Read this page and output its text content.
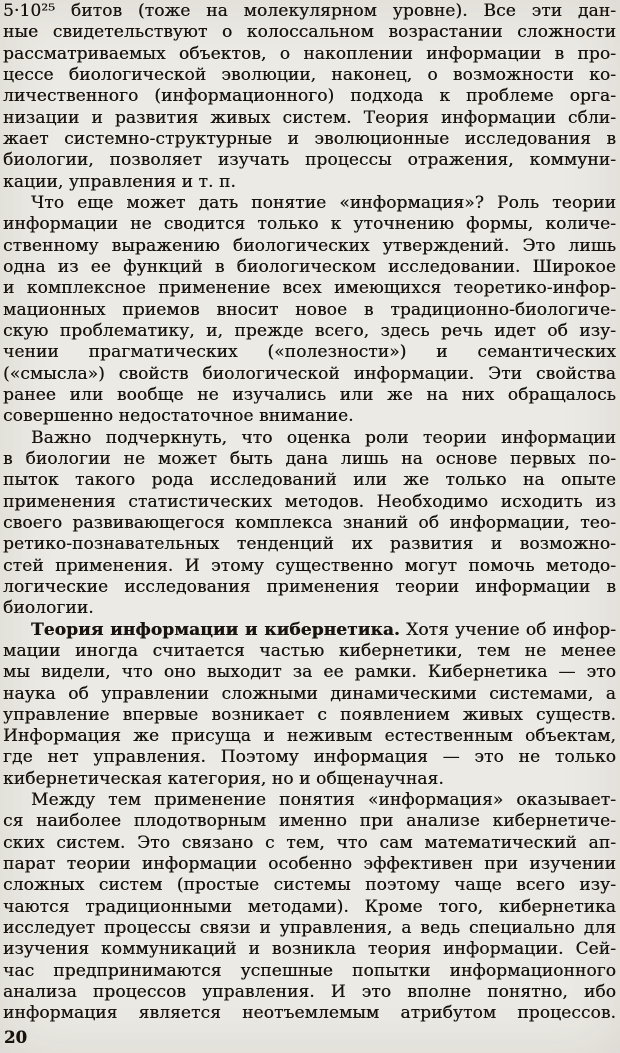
5·10²⁵ битов (тоже на молекулярном уровне). Все эти дан-
ные свидетельствуют о колоссальном возрастании сложности
рассматриваемых объектов, о накоплении информации в про-
цессе биологической эволюции, наконец, о возможности ко-
личественного (информационного) подхода к проблеме орга-
низации и развития живых систем. Теория информации сбли-
жает системно-структурные и эволюционные исследования в
биологии, позволяет изучать процессы отражения, коммуни-
кации, управления и т. п.
Что еще может дать понятие «информация»? Роль теории
информации не сводится только к уточнению формы, количе-
ственному выражению биологических утверждений. Это лишь
одна из ее функций в биологическом исследовании. Широкое
и комплексное применение всех имеющихся теоретико-инфор-
мационных приемов вносит новое в традиционно-биологиче-
скую проблематику, и, прежде всего, здесь речь идет об изу-
чении прагматических («полезности») и семантических
(«смысла») свойств биологической информации. Эти свойства
ранее или вообще не изучались или же на них обращалось
совершенно недостаточное внимание.
Важно подчеркнуть, что оценка роли теории информации
в биологии не может быть дана лишь на основе первых по-
пыток такого рода исследований или же только на опыте
применения статистических методов. Необходимо исходить из
своего развивающегося комплекса знаний об информации, тео-
ретико-познавательных тенденций их развития и возможно-
стей применения. И этому существенно могут помочь методо-
логические исследования применения теории информации в
биологии.
Теория информации и кибернетика. Хотя учение об инфор-
мации иногда считается частью кибернетики, тем не менее
мы видели, что оно выходит за ее рамки. Кибернетика — это
наука об управлении сложными динамическими системами, а
управление впервые возникает с появлением живых существ.
Информация же присуща и неживым естественным объектам,
где нет управления. Поэтому информация — это не только
кибернетическая категория, но и общенаучная.
Между тем применение понятия «информация» оказывает-
ся наиболее плодотворным именно при анализе кибернетиче-
ских систем. Это связано с тем, что сам математический ап-
парат теории информации особенно эффективен при изучении
сложных систем (простые системы поэтому чаще всего изу-
чаются традиционными методами). Кроме того, кибернетика
исследует процессы связи и управления, а ведь специально для
изучения коммуникаций и возникла теория информации. Сей-
час предпринимаются успешные попытки информационного
анализа процессов управления. И это вполне понятно, ибо
информация является неотъемлемым атрибутом процессов.
20
